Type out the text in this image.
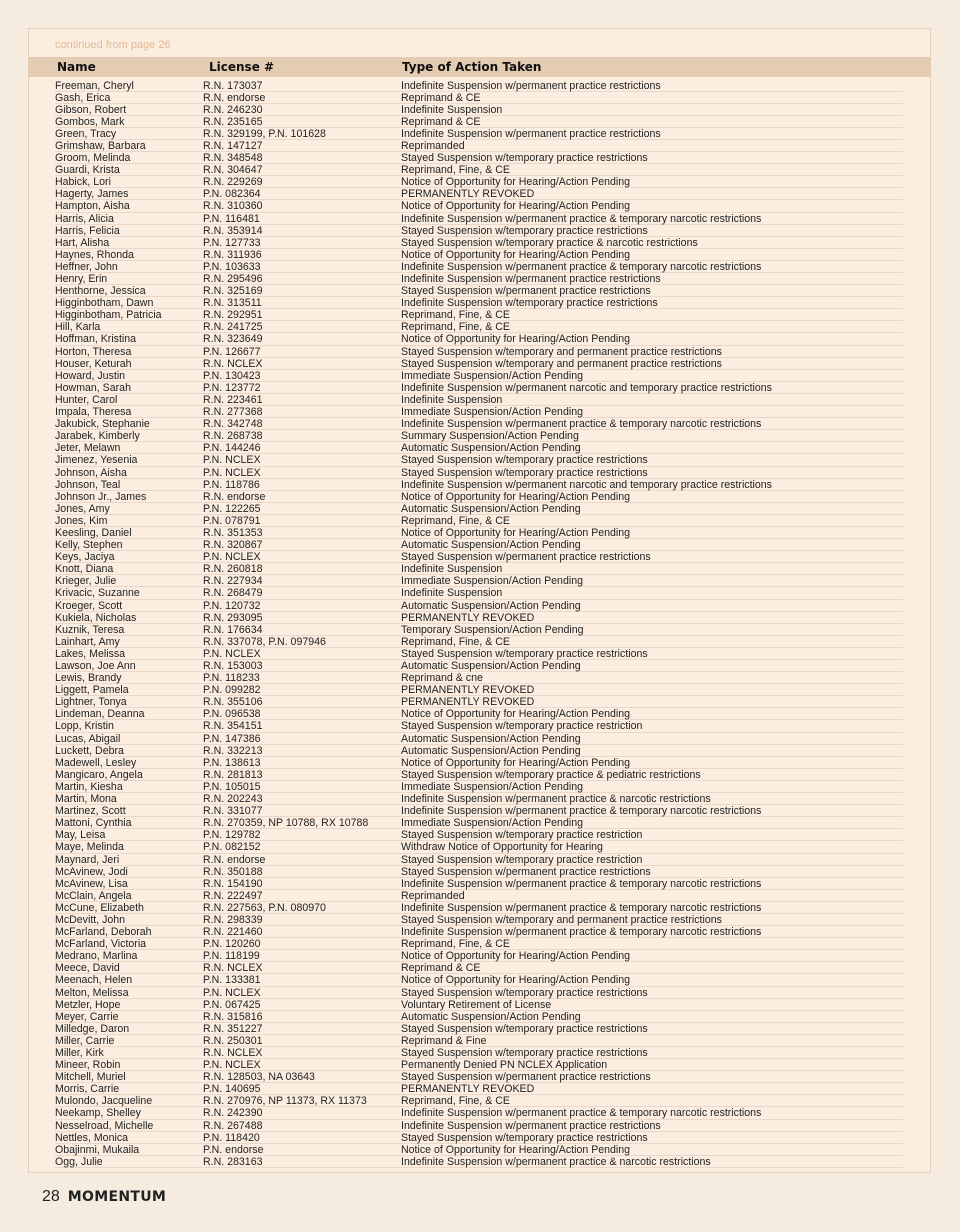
continued from page 26
Name	License #	Type of Action Taken
Freeman, Cheryl	R.N. 173037	Indefinite Suspension w/permanent practice restrictions
Gash, Erica	R.N. endorse	Reprimand & CE
Gibson, Robert	R.N. 246230	Indefinite Suspension
Gombos, Mark	R.N. 235165	Reprimand & CE
Green, Tracy	R.N. 329199, P.N. 101628	Indefinite Suspension w/permanent practice restrictions
Grimshaw, Barbara	R.N. 147127	Reprimanded
Groom, Melinda	R.N. 348548	Stayed Suspension w/temporary practice restrictions
Guardi, Krista	R.N. 304647	Reprimand, Fine, & CE
Habick, Lori	R.N. 229269	Notice of Opportunity for Hearing/Action Pending
Hagerty, James	P.N. 082364	PERMANENTLY REVOKED
Hampton, Aisha	R.N. 310360	Notice of Opportunity for Hearing/Action Pending
Harris, Alicia	P.N. 116481	Indefinite Suspension w/permanent practice & temporary narcotic restrictions
Harris, Felicia	R.N. 353914	Stayed Suspension w/temporary practice restrictions
Hart, Alisha	P.N. 127733	Stayed Suspension w/temporary practice & narcotic restrictions
Haynes, Rhonda	R.N. 311936	Notice of Opportunity for Hearing/Action Pending
Heffner, John	P.N. 103633	Indefinite Suspension w/permanent practice & temporary narcotic restrictions
Henry, Erin	R.N. 295496	Indefinite Suspension w/permanent practice restrictions
Henthorne, Jessica	R.N. 325169	Stayed Suspension w/permanent practice restrictions
Higginbotham, Dawn	R.N. 313511	Indefinite Suspension w/temporary practice restrictions
Higginbotham, Patricia	R.N. 292951	Reprimand, Fine, & CE
Hill, Karla	R.N. 241725	Reprimand, Fine, & CE
Hoffman, Kristina	R.N. 323649	Notice of Opportunity for Hearing/Action Pending
Horton, Theresa	P.N. 126677	Stayed Suspension w/temporary and permanent practice restrictions
Houser, Keturah	R.N. NCLEX	Stayed Suspension w/temporary and permanent practice restrictions
Howard, Justin	P.N. 130423	Immediate Suspension/Action Pending
Howman, Sarah	P.N. 123772	Indefinite Suspension w/permanent narcotic and temporary practice restrictions
Hunter, Carol	R.N. 223461	Indefinite Suspension
Impala, Theresa	R.N. 277368	Immediate Suspension/Action Pending
Jakubick, Stephanie	R.N. 342748	Indefinite Suspension w/permanent practice & temporary narcotic restrictions
Jarabek, Kimberly	R.N. 268738	Summary Suspension/Action Pending
Jeter, Melawn	P.N. 144246	Automatic Suspension/Action Pending
Jimenez, Yesenia	P.N. NCLEX	Stayed Suspension w/temporary practice restrictions
Johnson, Aisha	P.N. NCLEX	Stayed Suspension w/temporary practice restrictions
Johnson, Teal	P.N. 118786	Indefinite Suspension w/permanent narcotic and temporary practice restrictions
Johnson Jr., James	R.N. endorse	Notice of Opportunity for Hearing/Action Pending
Jones, Amy	P.N. 122265	Automatic Suspension/Action Pending
Jones, Kim	P.N. 078791	Reprimand, Fine, & CE
Keesling, Daniel	R.N. 351353	Notice of Opportunity for Hearing/Action Pending
Kelly, Stephen	R.N. 320867	Automatic Suspension/Action Pending
Keys, Jaciya	P.N. NCLEX	Stayed Suspension w/permanent practice restrictions
Knott, Diana	R.N. 260818	Indefinite Suspension
Krieger, Julie	R.N. 227934	Immediate Suspension/Action Pending
Krivacic, Suzanne	R.N. 268479	Indefinite Suspension
Kroeger, Scott	P.N. 120732	Automatic Suspension/Action Pending
Kukiela, Nicholas	R.N. 293095	PERMANENTLY REVOKED
Kuznik, Teresa	R.N. 176634	Temporary Suspension/Action Pending
Lainhart, Amy	R.N. 337078, P.N. 097946	Reprimand, Fine, & CE
Lakes, Melissa	P.N. NCLEX	Stayed Suspension w/temporary practice restrictions
Lawson, Joe Ann	R.N. 153003	Automatic Suspension/Action Pending
Lewis, Brandy	P.N. 118233	Reprimand & cne
Liggett, Pamela	P.N. 099282	PERMANENTLY REVOKED
Lightner, Tonya	R.N. 355106	PERMANENTLY REVOKED
Lindeman, Deanna	P.N. 096538	Notice of Opportunity for Hearing/Action Pending
Lopp, Kristin	R.N. 354151	Stayed Suspension w/temporary practice restriction
Lucas, Abigail	P.N. 147386	Automatic Suspension/Action Pending
Luckett, Debra	R.N. 332213	Automatic Suspension/Action Pending
Madewell, Lesley	P.N. 138613	Notice of Opportunity for Hearing/Action Pending
Mangicaro, Angela	R.N. 281813	Stayed Suspension w/temporary practice & pediatric restrictions
Martin, Kiesha	P.N. 105015	Immediate Suspension/Action Pending
Martin, Mona	R.N. 202243	Indefinite Suspension w/permanent practice & narcotic restrictions
Martinez, Scott	R.N. 331077	Indefinite Suspension w/permanent practice & temporary narcotic restrictions
Mattoni, Cynthia	R.N. 270359, NP 10788, RX 10788	Immediate Suspension/Action Pending
May, Leisa	P.N. 129782	Stayed Suspension w/temporary practice restriction
Maye, Melinda	P.N. 082152	Withdraw Notice of Opportunity for Hearing
Maynard, Jeri	R.N. endorse	Stayed Suspension w/temporary practice restriction
McAvinew, Jodi	R.N. 350188	Stayed Suspension w/permanent practice restrictions
McAvinew, Lisa	R.N. 154190	Indefinite Suspension w/permanent practice & temporary narcotic restrictions
McClain, Angela	R.N. 222497	Reprimanded
McCune, Elizabeth	R.N. 227563, P.N. 080970	Indefinite Suspension w/permanent practice & temporary narcotic restrictions
McDevitt, John	R.N. 298339	Stayed Suspension w/temporary and permanent practice restrictions
McFarland, Deborah	R.N. 221460	Indefinite Suspension w/permanent practice & temporary narcotic restrictions
McFarland, Victoria	P.N. 120260	Reprimand, Fine, & CE
Medrano, Marlina	P.N. 118199	Notice of Opportunity for Hearing/Action Pending
Meece, David	R.N. NCLEX	Reprimand & CE
Meenach, Helen	P.N. 133381	Notice of Opportunity for Hearing/Action Pending
Melton, Melissa	P.N. NCLEX	Stayed Suspension w/temporary practice restrictions
Metzler, Hope	P.N. 067425	Voluntary Retirement of License
Meyer, Carrie	R.N. 315816	Automatic Suspension/Action Pending
Milledge, Daron	R.N. 351227	Stayed Suspension w/temporary practice restrictions
Miller, Carrie	R.N. 250301	Reprimand & Fine
Miller, Kirk	R.N. NCLEX	Stayed Suspension w/temporary practice restrictions
Mineer, Robin	P.N. NCLEX	Permanently Denied PN NCLEX Application
Mitchell, Muriel	R.N. 128503, NA 03643	Stayed Suspension w/permanent practice restrictions
Morris, Carrie	P.N. 140695	PERMANENTLY REVOKED
Mulondo, Jacqueline	R.N. 270976, NP 11373, RX 11373	Reprimand, Fine, & CE
Neekamp, Shelley	R.N. 242390	Indefinite Suspension w/permanent practice & temporary narcotic restrictions
Nesselroad, Michelle	R.N. 267488	Indefinite Suspension w/permanent practice restrictions
Nettles, Monica	P.N. 118420	Stayed Suspension w/temporary practice restrictions
Obajinmi, Mukaila	P.N. endorse	Notice of Opportunity for Hearing/Action Pending
Ogg, Julie	R.N. 283163	Indefinite Suspension w/permanent practice & narcotic restrictions
28 MOMENTUM
